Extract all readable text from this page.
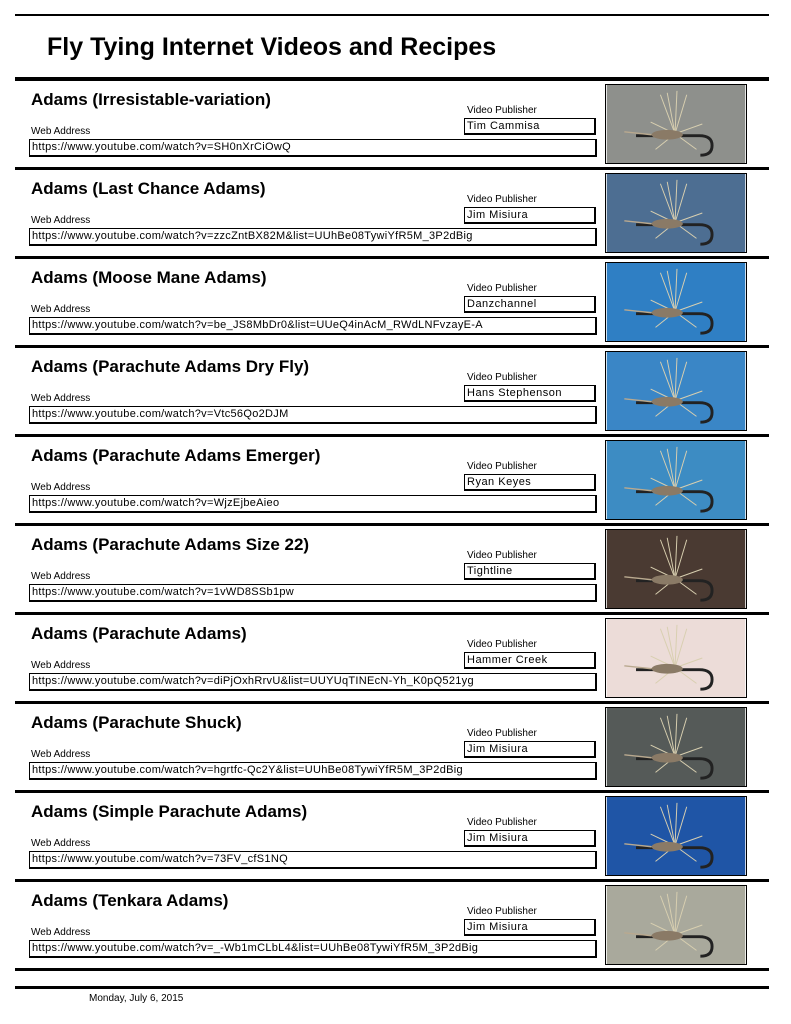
Fly Tying Internet Videos and Recipes
Adams (Irresistable-variation)
Video Publisher
Tim Cammisa
Web Address
https://www.youtube.com/watch?v=SH0nXrCiOwQ
Adams (Last Chance Adams)
Video Publisher
Jim Misiura
Web Address
https://www.youtube.com/watch?v=zzcZntBX82M&list=UUhBe08TywiYfR5M_3P2dBig
Adams (Moose Mane Adams)
Video Publisher
Danzchannel
Web Address
https://www.youtube.com/watch?v=be_JS8MbDr0&list=UUeQ4inAcM_RWdLNFvzayE-A
Adams (Parachute Adams Dry Fly)
Video Publisher
Hans Stephenson
Web Address
https://www.youtube.com/watch?v=Vtc56Qo2DJM
Adams (Parachute Adams Emerger)
Video Publisher
Ryan Keyes
Web Address
https://www.youtube.com/watch?v=WjzEjbeAieo
Adams (Parachute Adams Size 22)
Video Publisher
Tightline
Web Address
https://www.youtube.com/watch?v=1vWD8SSb1pw
Adams (Parachute Adams)
Video Publisher
Hammer Creek
Web Address
https://www.youtube.com/watch?v=diPjOxhRrvU&list=UUYUqTINEcN-Yh_K0pQ521yg
Adams (Parachute Shuck)
Video Publisher
Jim Misiura
Web Address
https://www.youtube.com/watch?v=hgrtfc-Qc2Y&list=UUhBe08TywiYfR5M_3P2dBig
Adams (Simple Parachute Adams)
Video Publisher
Jim Misiura
Web Address
https://www.youtube.com/watch?v=73FV_cfS1NQ
Adams (Tenkara Adams)
Video Publisher
Jim Misiura
Web Address
https://www.youtube.com/watch?v=_-Wb1mCLbL4&list=UUhBe08TywiYfR5M_3P2dBig
Monday, July 6, 2015
